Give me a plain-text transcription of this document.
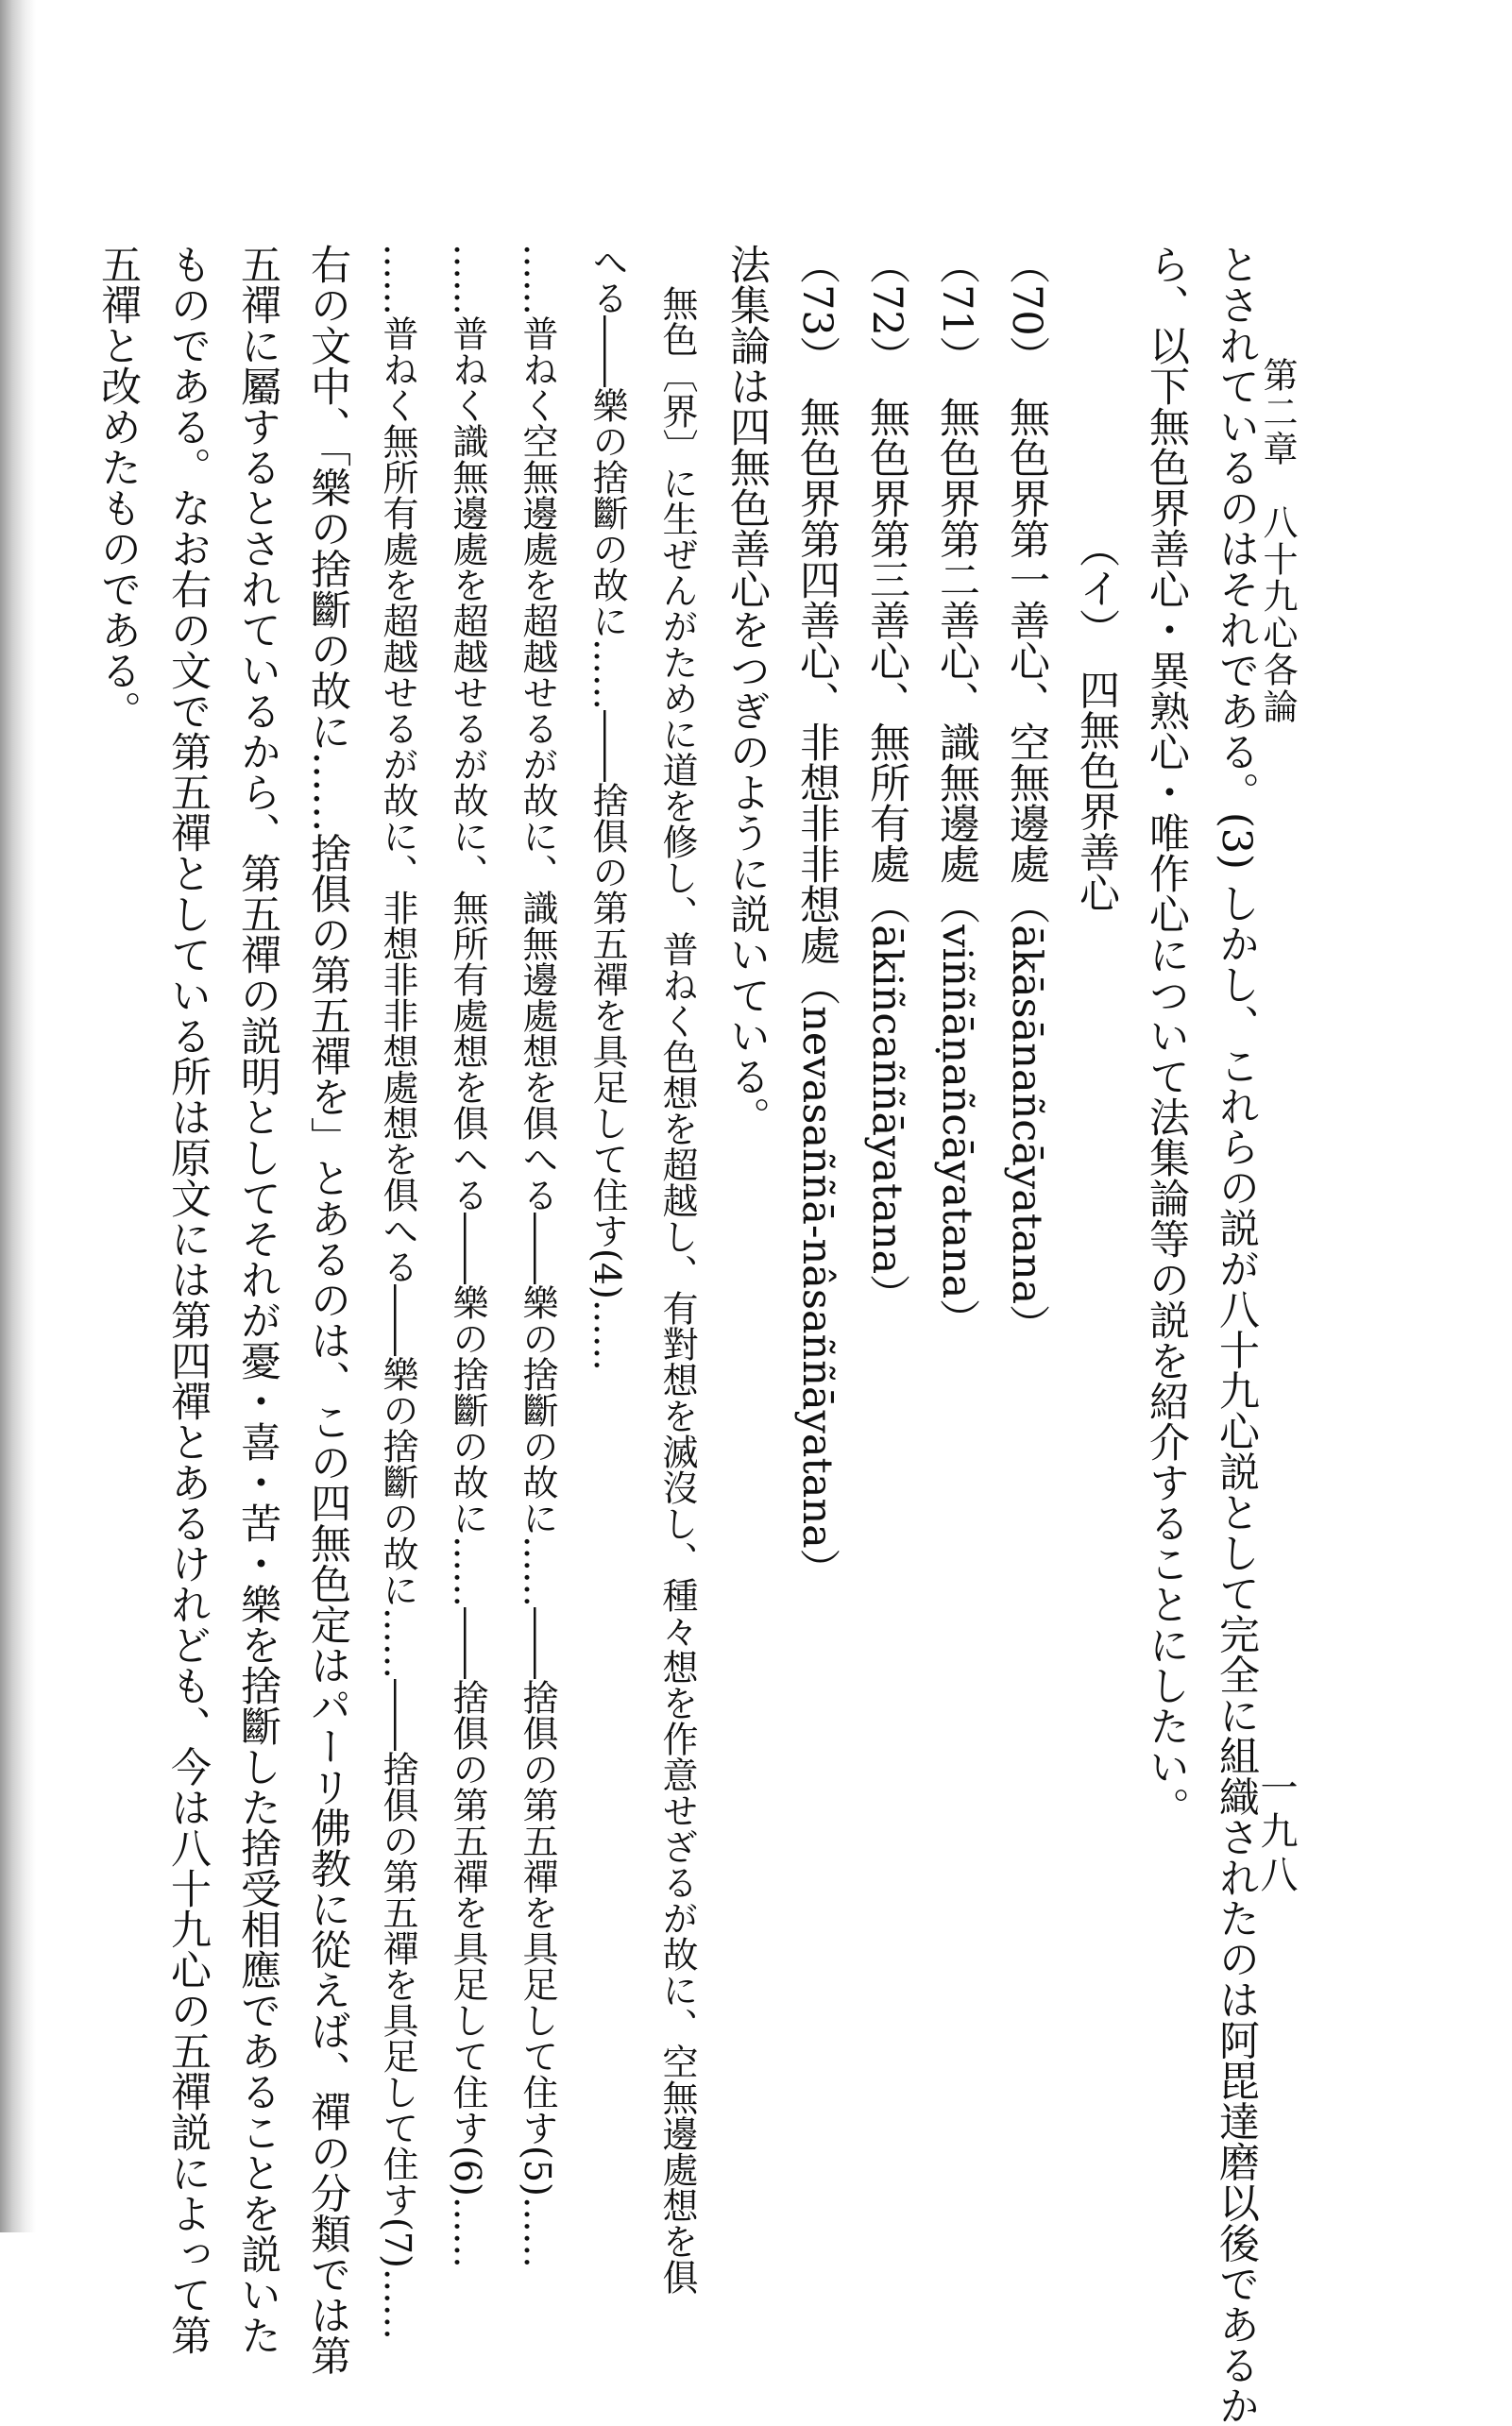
第二章　八十九心各論
一九八

とされているのはそれである。(3) しかし、これらの説が八十九心説として完全に組織されたのは阿毘達磨以後であるか

ら、以下無色界善心・異熟心・唯作心について法集論等の説を紹介することにしたい。

（イ）　四無色界善心

（70）　無色界第一善心、空無邊處（ākāsānañcāyatana）

（71）　無色界第二善心、識無邊處（viññāṇañcāyatana）

（72）　無色界第三善心、無所有處（ākiñcaññāyatana）

（73）　無色界第四善心、非想非非想處（nevasaññā-nâsaññāyatana）

法集論は四無色善心をつぎのように説いている。

無色〔界〕に生ぜんがために道を修し、普ねく色想を超越し、有對想を滅沒し、種々想を作意せざるが故に、空無邊處想を俱

へる――樂の捨斷の故に……――捨俱の第五禪を具足して住す(4)……

……普ねく空無邊處を超越せるが故に、識無邊處想を俱へる――樂の捨斷の故に……――捨俱の第五禪を具足して住す(5)……

……普ねく識無邊處を超越せるが故に、無所有處想を俱へる――樂の捨斷の故に……――捨俱の第五禪を具足して住す(6)……

……普ねく無所有處を超越せるが故に、非想非非想處想を俱へる――樂の捨斷の故に……――捨俱の第五禪を具足して住す(7)……

右の文中、「樂の捨斷の故に……捨俱の第五禪を」とあるのは、この四無色定はパーリ佛教に從えば、禪の分類では第

五禪に屬するとされているから、第五禪の説明としてそれが憂・喜・苦・樂を捨斷した捨受相應であることを説いた

ものである。なお右の文で第五禪としている所は原文には第四禪とあるけれども、今は八十九心の五禪説によって第

五禪と改めたものである。
